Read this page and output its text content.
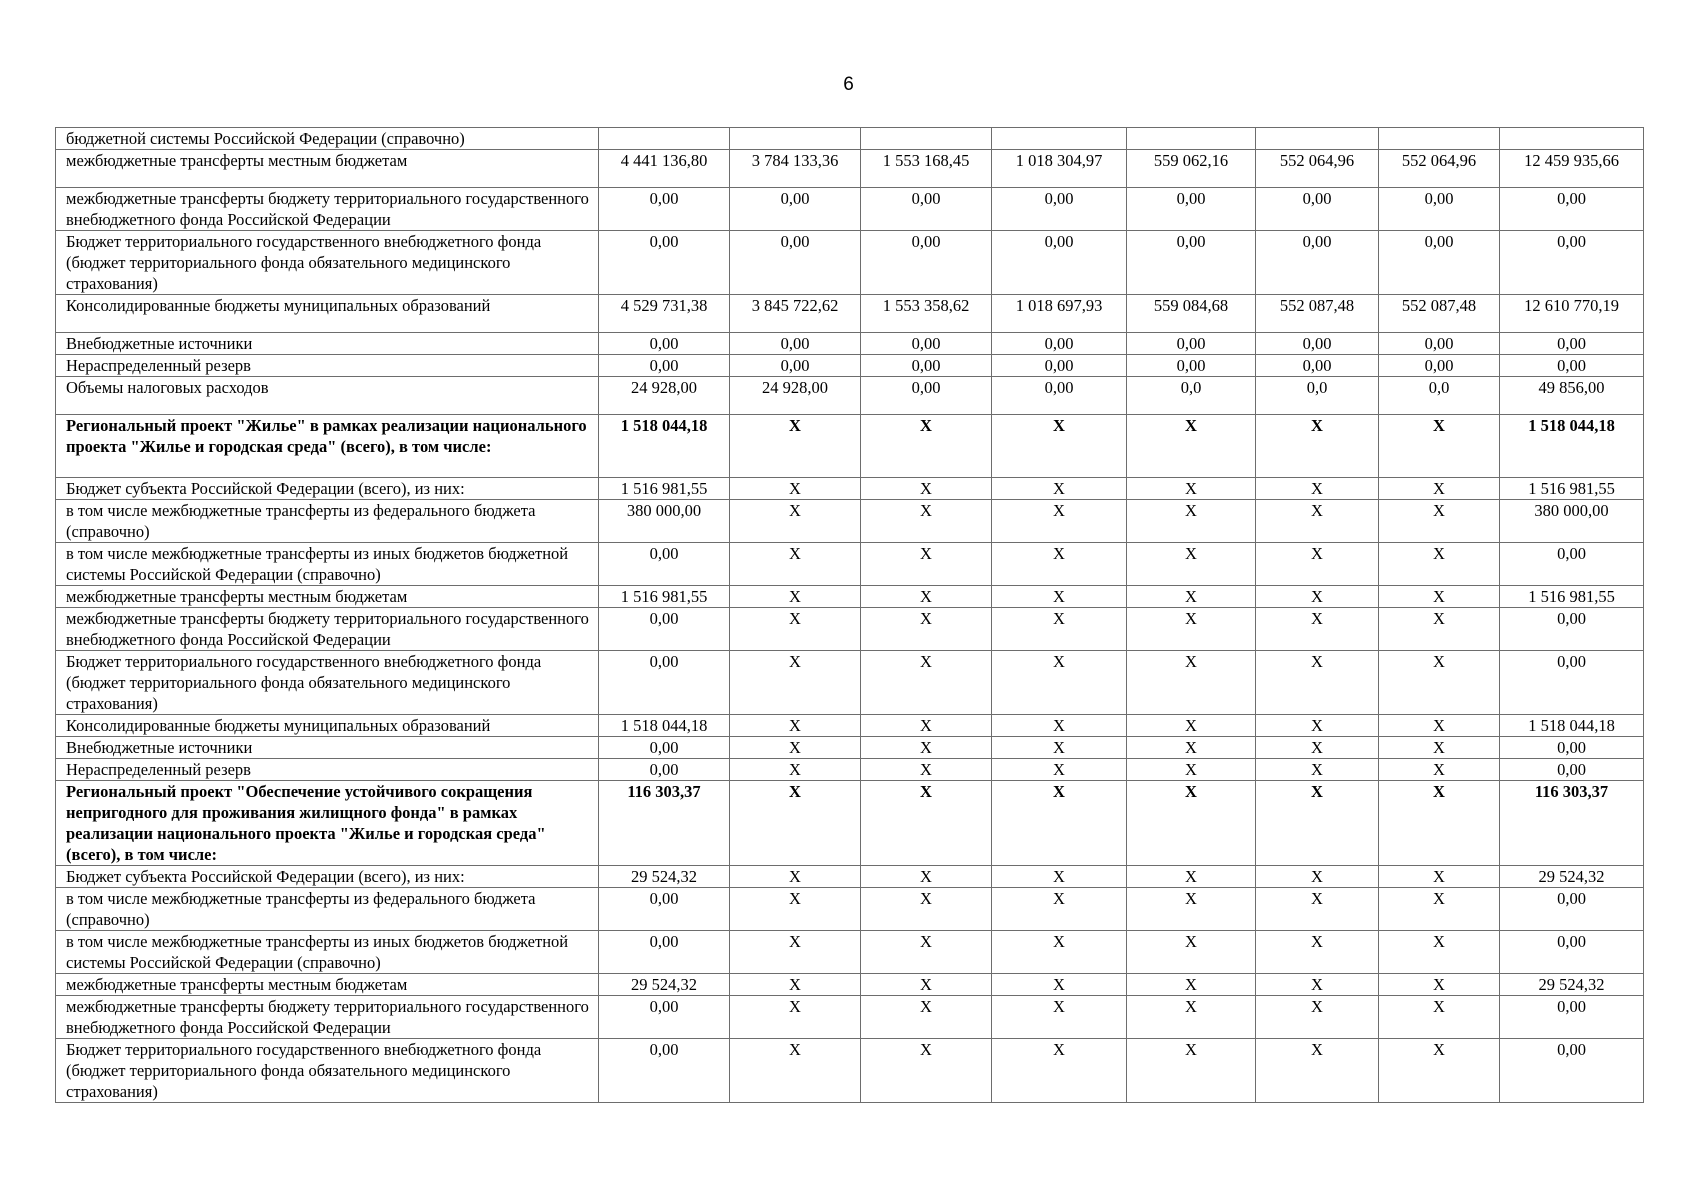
6
бюджетной системы Российской Федерации (справочно)								
межбюджетные трансферты местным бюджетам	4 441 136,80	3 784 133,36	1 553 168,45	1 018 304,97	559 062,16	552 064,96	552 064,96	12 459 935,66
межбюджетные трансферты бюджету территориального государственного внебюджетного фонда Российской Федерации	0,00	0,00	0,00	0,00	0,00	0,00	0,00	0,00
Бюджет территориального государственного внебюджетного фонда (бюджет территориального фонда обязательного медицинского страхования)	0,00	0,00	0,00	0,00	0,00	0,00	0,00	0,00
Консолидированные бюджеты муниципальных образований	4 529 731,38	3 845 722,62	1 553 358,62	1 018 697,93	559 084,68	552 087,48	552 087,48	12 610 770,19
Внебюджетные источники	0,00	0,00	0,00	0,00	0,00	0,00	0,00	0,00
Нераспределенный резерв	0,00	0,00	0,00	0,00	0,00	0,00	0,00	0,00
Объемы налоговых расходов	24 928,00	24 928,00	0,00	0,00	0,0	0,0	0,0	49 856,00
Региональный проект "Жилье" в рамках реализации национального проекта "Жилье и городская среда" (всего), в том числе:	1 518 044,18	X	X	X	X	X	X	1 518 044,18
Бюджет субъекта Российской Федерации (всего), из них:	1 516 981,55	X	X	X	X	X	X	1 516 981,55
в том числе межбюджетные трансферты из федерального бюджета (справочно)	380 000,00	X	X	X	X	X	X	380 000,00
в том числе межбюджетные трансферты из иных бюджетов бюджетной системы Российской Федерации (справочно)	0,00	X	X	X	X	X	X	0,00
межбюджетные трансферты местным бюджетам	1 516 981,55	X	X	X	X	X	X	1 516 981,55
межбюджетные трансферты бюджету территориального государственного внебюджетного фонда Российской Федерации	0,00	X	X	X	X	X	X	0,00
Бюджет территориального государственного внебюджетного фонда (бюджет территориального фонда обязательного медицинского страхования)	0,00	X	X	X	X	X	X	0,00
Консолидированные бюджеты муниципальных образований	1 518 044,18	X	X	X	X	X	X	1 518 044,18
Внебюджетные источники	0,00	X	X	X	X	X	X	0,00
Нераспределенный резерв	0,00	X	X	X	X	X	X	0,00
Региональный проект "Обеспечение устойчивого сокращения непригодного для проживания жилищного фонда" в рамках реализации национального проекта "Жилье и городская среда" (всего), в том числе:	116 303,37	X	X	X	X	X	X	116 303,37
Бюджет субъекта Российской Федерации (всего), из них:	29 524,32	X	X	X	X	X	X	29 524,32
в том числе межбюджетные трансферты из федерального бюджета (справочно)	0,00	X	X	X	X	X	X	0,00
в том числе межбюджетные трансферты из иных бюджетов бюджетной системы Российской Федерации (справочно)	0,00	X	X	X	X	X	X	0,00
межбюджетные трансферты местным бюджетам	29 524,32	X	X	X	X	X	X	29 524,32
межбюджетные трансферты бюджету территориального государственного внебюджетного фонда Российской Федерации	0,00	X	X	X	X	X	X	0,00
Бюджет территориального государственного внебюджетного фонда (бюджет территориального фонда обязательного медицинского страхования)	0,00	X	X	X	X	X	X	0,00
